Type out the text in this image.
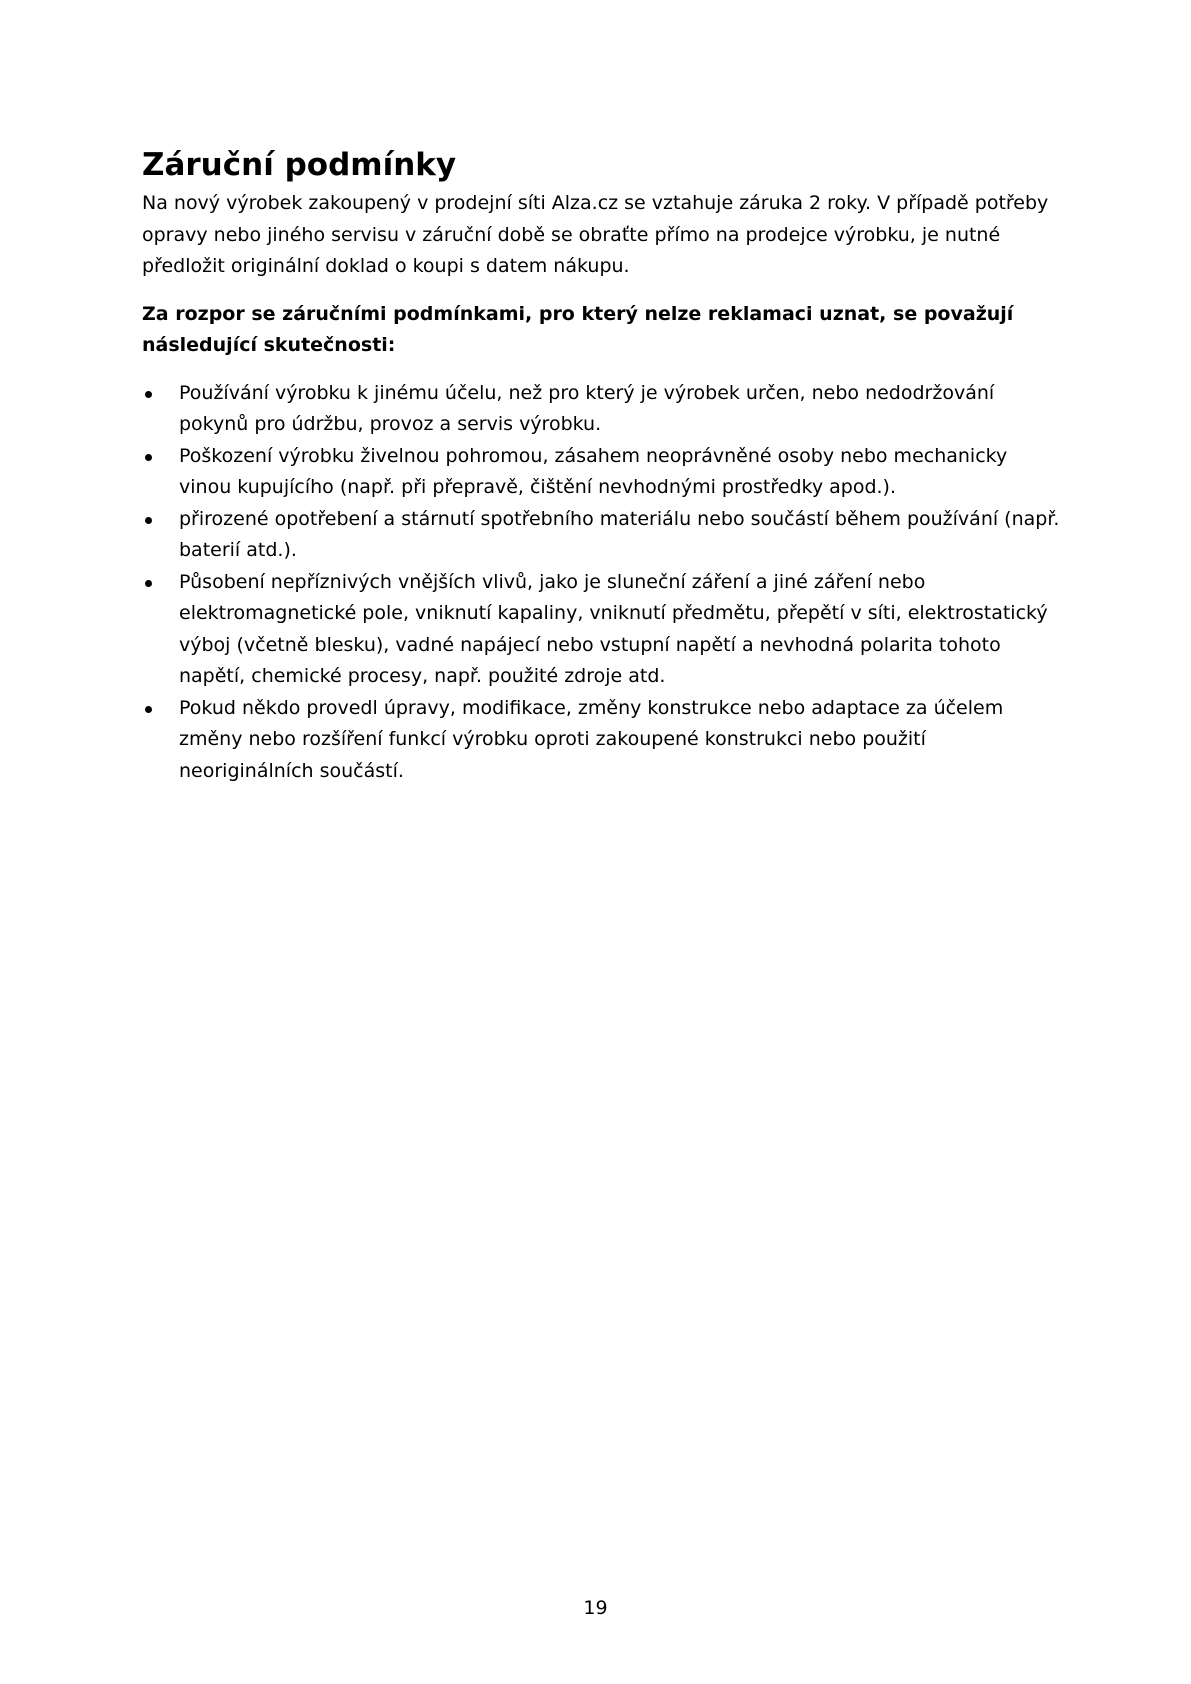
Záruční podmínky

Na nový výrobek zakoupený v prodejní síti Alza.cz se vztahuje záruka 2 roky. V případě potřeby opravy nebo jiného servisu v záruční době se obraťte přímo na prodejce výrobku, je nutné předložit originální doklad o koupi s datem nákupu.

Za rozpor se záručními podmínkami, pro který nelze reklamaci uznat, se považují následující skutečnosti:

Používání výrobku k jinému účelu, než pro který je výrobek určen, nebo nedodržování pokynů pro údržbu, provoz a servis výrobku.
Poškození výrobku živelnou pohromou, zásahem neoprávněné osoby nebo mechanicky vinou kupujícího (např. při přepravě, čištění nevhodnými prostředky apod.).
přirozené opotřebení a stárnutí spotřebního materiálu nebo součástí během používání (např. baterií atd.).
Působení nepříznivých vnějších vlivů, jako je sluneční záření a jiné záření nebo elektromagnetické pole, vniknutí kapaliny, vniknutí předmětu, přepětí v síti, elektrostatický výboj (včetně blesku), vadné napájecí nebo vstupní napětí a nevhodná polarita tohoto napětí, chemické procesy, např. použité zdroje atd.
Pokud někdo provedl úpravy, modifikace, změny konstrukce nebo adaptace za účelem změny nebo rozšíření funkcí výrobku oproti zakoupené konstrukci nebo použití neoriginálních součástí.
19
